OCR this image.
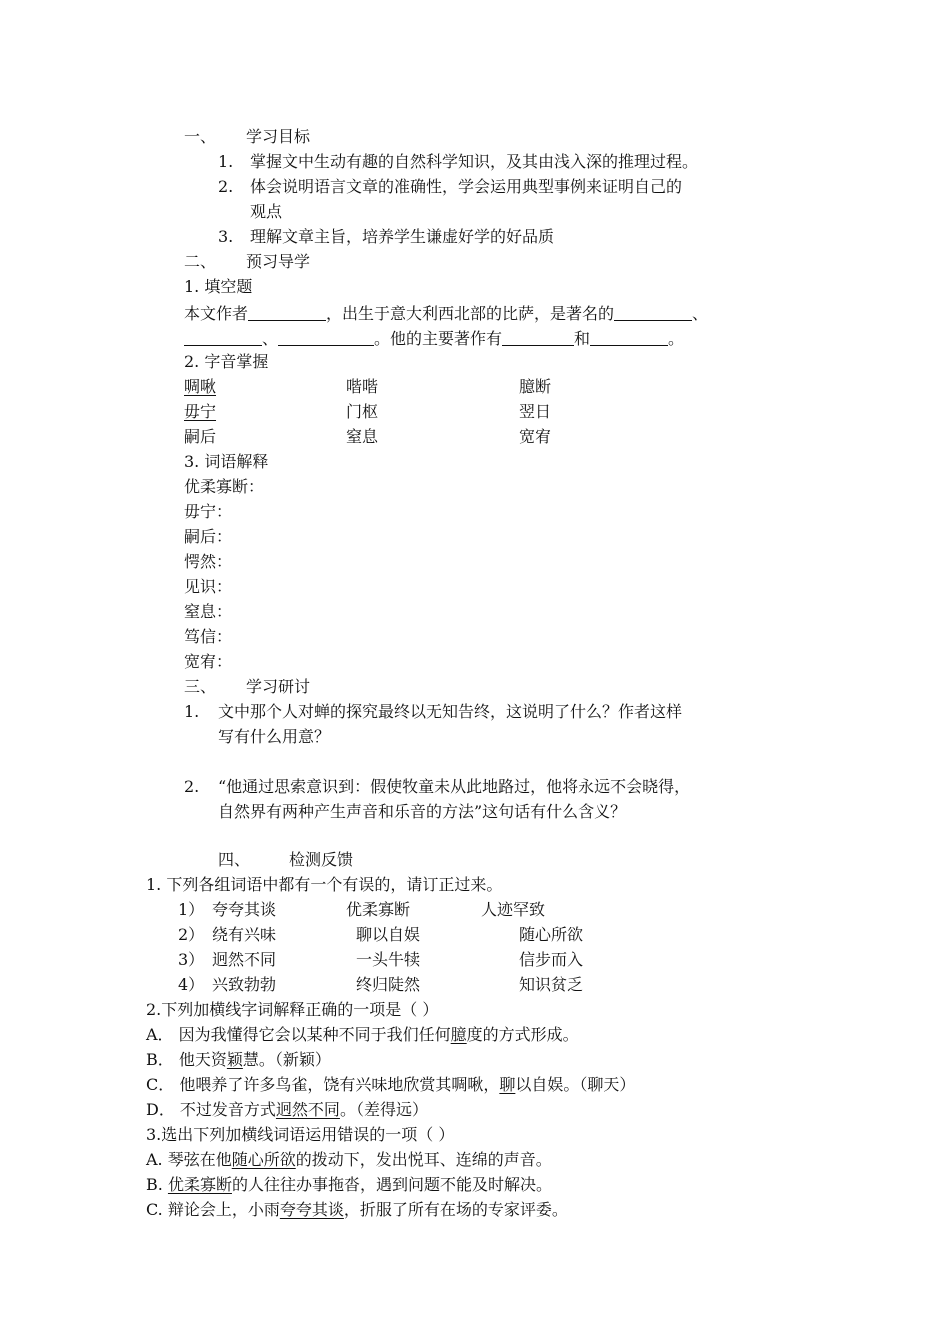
一、 学习目标
1. 掌握文中生动有趣的自然科学知识，及其由浅入深的推理过程。
2. 体会说明语言文章的准确性，学会运用典型事例来证明自己的
观点
3. 理解文章主旨，培养学生谦虚好学的好品质
二、 预习导学
1. 填空题
本文作者	，出生于意大利西北部的比萨，是著名的	、
、	。他的主要著作有	和	。
2. 字音掌握
啁啾	喈喈	臆断
毋宁	门枢	翌日
嗣后	窒息	宽宥
3. 词语解释
优柔寡断：
毋宁：
嗣后：
愕然：
见识：
窒息：
笃信：
宽宥：
三、 学习研讨
1. 文中那个人对蝉的探究最终以无知告终，这说明了什么？作者这样
写有什么用意？
2. “他通过思索意识到：假使牧童未从此地路过，他将永远不会晓得，
自然界有两种产生声音和乐音的方法”这句话有什么含义？
四、 检测反馈
1. 下列各组词语中都有一个有误的，请订正过来。
1） 夸夸其谈	优柔寡断	人迹罕致
2） 绕有兴味	聊以自娱	随心所欲
3） 迥然不同	一头牛犊	信步而入
4） 兴致勃勃	终归陡然	知识贫乏
2.下列加横线字词解释正确的一项是（ ）
A． 因为我懂得它会以某种不同于我们任何臆度的方式形成。
B． 他天资颖慧。（新颖）
C． 他喂养了许多鸟雀，饶有兴味地欣赏其啁啾，聊以自娱。（聊天）
D． 不过发音方式迥然不同。（差得远）
3.选出下列加横线词语运用错误的一项（ ）
A. 琴弦在他随心所欲的拨动下，发出悦耳、连绵的声音。
B. 优柔寡断的人往往办事拖沓，遇到问题不能及时解决。
C. 辩论会上，小雨夸夸其谈，折服了所有在场的专家评委。
